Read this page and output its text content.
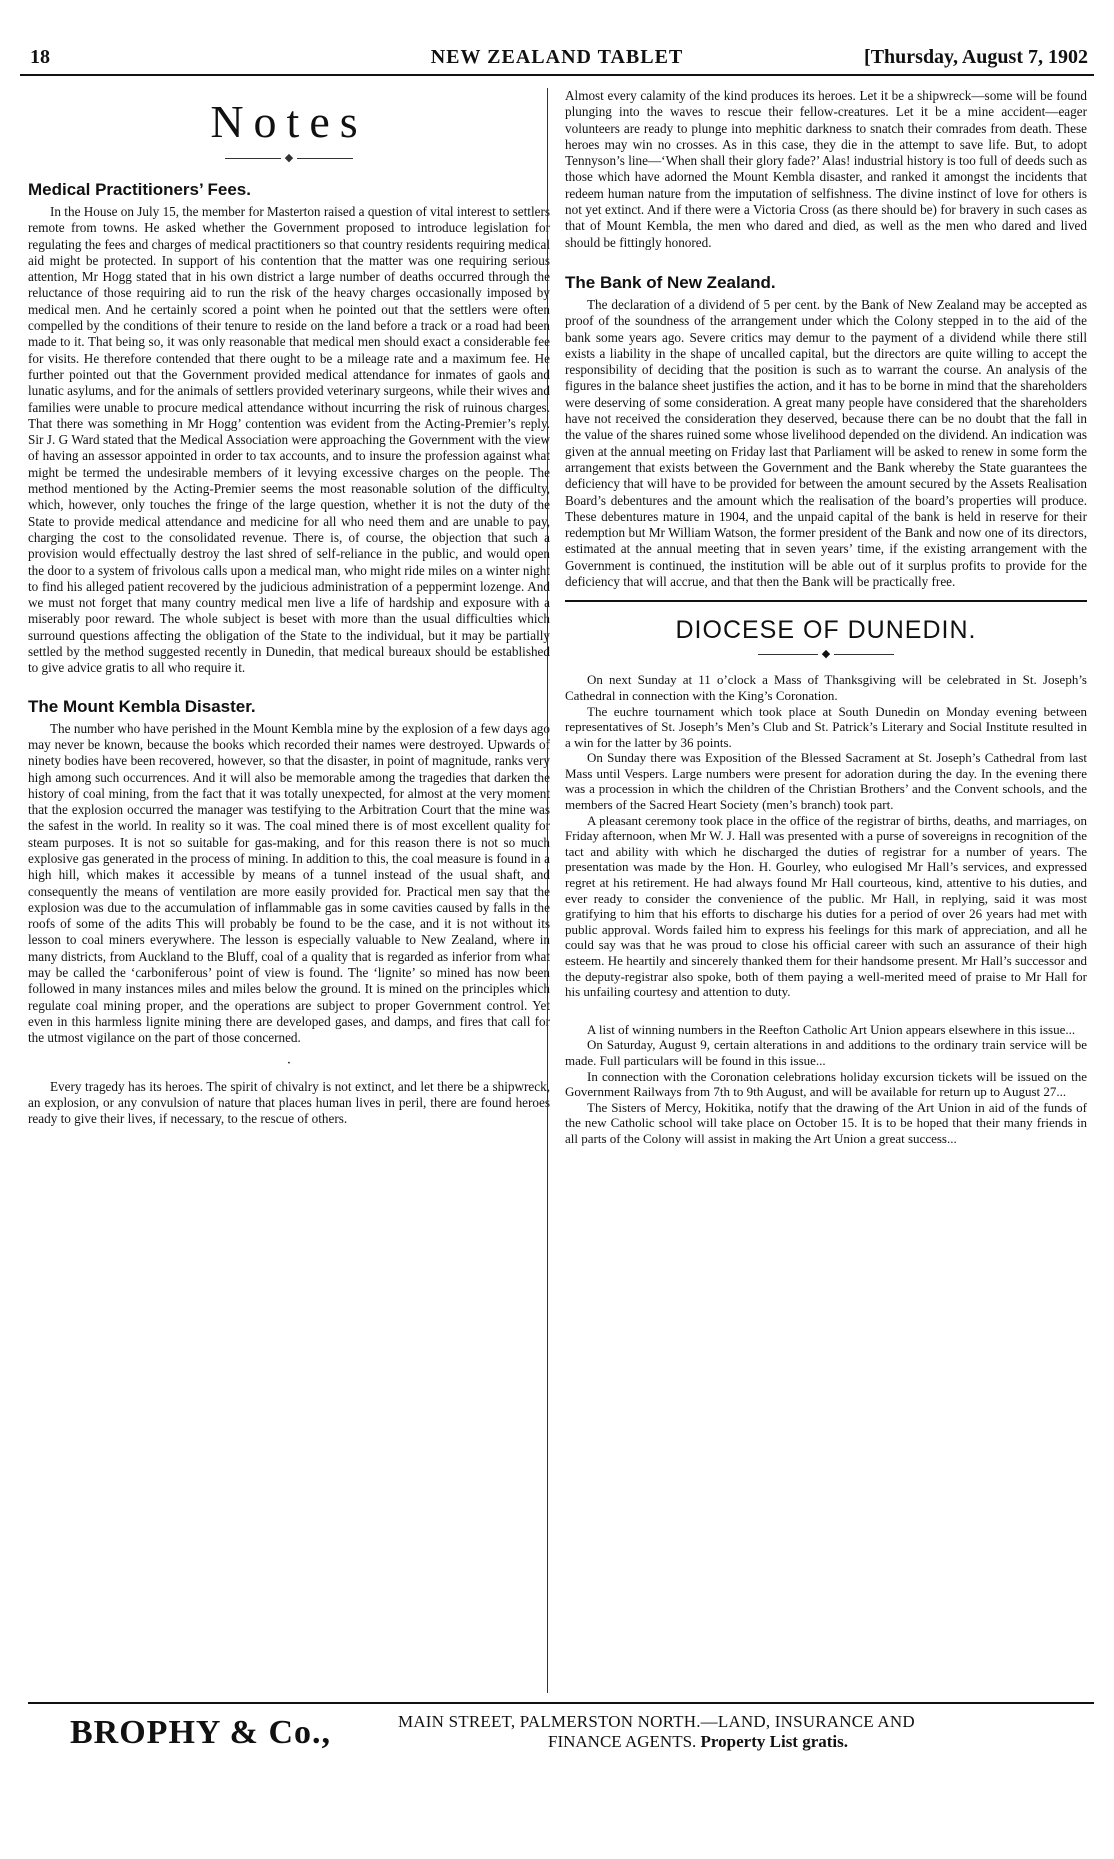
18	NEW ZEALAND TABLET	[Thursday, August 7, 1902
Notes
◆
Medical Practitioners’ Fees.

In the House on July 15, the member for Masterton raised a question of vital interest to settlers remote from towns. He asked whether the Government proposed to introduce legislation for regulating the fees and charges of medical practitioners so that country residents requiring medical aid might be protected. In support of his contention that the matter was one requiring serious attention, Mr Hogg stated that in his own district a large number of deaths occurred through the reluctance of those requiring aid to run the risk of the heavy charges occasionally imposed by medical men. And he certainly scored a point when he pointed out that the settlers were often compelled by the conditions of their tenure to reside on the land before a track or a road had been made to it. That being so, it was only reasonable that medical men should exact a considerable fee for visits. He therefore contended that there ought to be a mileage rate and a maximum fee. He further pointed out that the Government provided medical attendance for inmates of gaols and lunatic asylums, and for the animals of settlers provided veterinary surgeons, while their wives and families were unable to procure medical attendance without incurring the risk of ruinous charges. That there was something in Mr Hogg’ contention was evident from the Acting-Premier’s reply. Sir J. G Ward stated that the Medical Association were approaching the Government with the view of having an assessor appointed in order to tax accounts, and to insure the profession against what might be termed the undesirable members of it levying excessive charges on the people. The method mentioned by the Acting-Premier seems the most reasonable solution of the difficulty, which, however, only touches the fringe of the large question, whether it is not the duty of the State to provide medical attendance and medicine for all who need them and are unable to pay, charging the cost to the consolidated revenue. There is, of course, the objection that such a provision would effectually destroy the last shred of self-reliance in the public, and would open the door to a system of frivolous calls upon a medical man, who might ride miles on a winter night to find his alleged patient recovered by the judicious administration of a peppermint lozenge. And we must not forget that many country medical men live a life of hardship and exposure with a miserably poor reward. The whole subject is beset with more than the usual difficulties which surround questions affecting the obligation of the State to the individual, but it may be partially settled by the method suggested recently in Dunedin, that medical bureaux should be established to give advice gratis to all who require it.

The Mount Kembla Disaster.

The number who have perished in the Mount Kembla mine by the explosion of a few days ago may never be known, because the books which recorded their names were destroyed. Upwards of ninety bodies have been recovered, however, so that the disaster, in point of magnitude, ranks very high among such occurrences. And it will also be memorable among the tragedies that darken the history of coal mining, from the fact that it was totally unexpected, for almost at the very moment that the explosion occurred the manager was testifying to the Arbitration Court that the mine was the safest in the world. In reality so it was. The coal mined there is of most excellent quality for steam purposes. It is not so suitable for gas-making, and for this reason there is not so much explosive gas generated in the process of mining. In addition to this, the coal measure is found in a high hill, which makes it accessible by means of a tunnel instead of the usual shaft, and consequently the means of ventilation are more easily provided for. Practical men say that the explosion was due to the accumulation of inflammable gas in some cavities caused by falls in the roofs of some of the adits This will probably be found to be the case, and it is not without its lesson to coal miners everywhere. The lesson is especially valuable to New Zealand, where in many districts, from Auckland to the Bluff, coal of a quality that is regarded as inferior from what may be called the ‘carboniferous’ point of view is found. The ‘lignite’ so mined has now been followed in many instances miles and miles below the ground. It is mined on the principles which regulate coal mining proper, and the operations are subject to proper Government control. Yet even in this harmless lignite mining there are developed gases, and damps, and fires that call for the utmost vigilance on the part of those concerned.

·

Every tragedy has its heroes. The spirit of chivalry is not extinct, and let there be a shipwreck, an explosion, or any convulsion of nature that places human lives in peril, there are found heroes ready to give their lives, if necessary, to the rescue of others.

Almost every calamity of the kind produces its heroes. Let it be a shipwreck—some will be found plunging into the waves to rescue their fellow-creatures. Let it be a mine accident—eager volunteers are ready to plunge into mephitic darkness to snatch their comrades from death. These heroes may win no crosses. As in this case, they die in the attempt to save life. But, to adopt Tennyson’s line—‘When shall their glory fade?’ Alas! industrial history is too full of deeds such as those which have adorned the Mount Kembla disaster, and ranked it amongst the incidents that redeem human nature from the imputation of selfishness. The divine instinct of love for others is not yet extinct. And if there were a Victoria Cross (as there should be) for bravery in such cases as that of Mount Kembla, the men who dared and died, as well as the men who dared and lived should be fittingly honored.

The Bank of New Zealand.

The declaration of a dividend of 5 per cent. by the Bank of New Zealand may be accepted as proof of the soundness of the arrangement under which the Colony stepped in to the aid of the bank some years ago. Severe critics may demur to the payment of a dividend while there still exists a liability in the shape of uncalled capital, but the directors are quite willing to accept the responsibility of deciding that the position is such as to warrant the course. An analysis of the figures in the balance sheet justifies the action, and it has to be borne in mind that the shareholders were deserving of some consideration. A great many people have considered that the shareholders have not received the consideration they deserved, because there can be no doubt that the fall in the value of the shares ruined some whose livelihood depended on the dividend. An indication was given at the annual meeting on Friday last that Parliament will be asked to renew in some form the arrangement that exists between the Government and the Bank whereby the State guarantees the deficiency that will have to be provided for between the amount secured by the Assets Realisation Board’s debentures and the amount which the realisation of the board’s properties will produce. These debentures mature in 1904, and the unpaid capital of the bank is held in reserve for their redemption but Mr William Watson, the former president of the Bank and now one of its directors, estimated at the annual meeting that in seven years’ time, if the existing arrangement with the Government is continued, the institution will be able out of it surplus profits to provide for the deficiency that will accrue, and that then the Bank will be practically free.

DIOCESE OF DUNEDIN.
◆

On next Sunday at 11 o’clock a Mass of Thanksgiving will be celebrated in St. Joseph’s Cathedral in connection with the King’s Coronation.

The euchre tournament which took place at South Dunedin on Monday evening between representatives of St. Joseph’s Men’s Club and St. Patrick’s Literary and Social Institute resulted in a win for the latter by 36 points.

On Sunday there was Exposition of the Blessed Sacrament at St. Joseph’s Cathedral from last Mass until Vespers. Large numbers were present for adoration during the day. In the evening there was a procession in which the children of the Christian Brothers’ and the Convent schools, and the members of the Sacred Heart Society (men’s branch) took part.

A pleasant ceremony took place in the office of the registrar of births, deaths, and marriages, on Friday afternoon, when Mr W. J. Hall was presented with a purse of sovereigns in recognition of the tact and ability with which he discharged the duties of registrar for a number of years. The presentation was made by the Hon. H. Gourley, who eulogised Mr Hall’s services, and expressed regret at his retirement. He had always found Mr Hall courteous, kind, attentive to his duties, and ever ready to consider the convenience of the public. Mr Hall, in replying, said it was most gratifying to him that his efforts to discharge his duties for a period of over 26 years had met with public approval. Words failed him to express his feelings for this mark of appreciation, and all he could say was that he was proud to close his official career with such an assurance of their high esteem. He heartily and sincerely thanked them for their handsome present. Mr Hall’s successor and the deputy-registrar also spoke, both of them paying a well-merited meed of praise to Mr Hall for his unfailing courtesy and attention to duty.

A list of winning numbers in the Reefton Catholic Art Union appears elsewhere in this issue...

On Saturday, August 9, certain alterations in and additions to the ordinary train service will be made. Full particulars will be found in this issue...

In connection with the Coronation celebrations holiday excursion tickets will be issued on the Government Railways from 7th to 9th August, and will be available for return up to August 27...

The Sisters of Mercy, Hokitika, notify that the drawing of the Art Union in aid of the funds of the new Catholic school will take place on October 15. It is to be hoped that their many friends in all parts of the Colony will assist in making the Art Union a great success...

BROPHY & Co.,	MAIN STREET, PALMERSTON NORTH.—LAND, INSURANCE AND
FINANCE AGENTS. Property List gratis.
